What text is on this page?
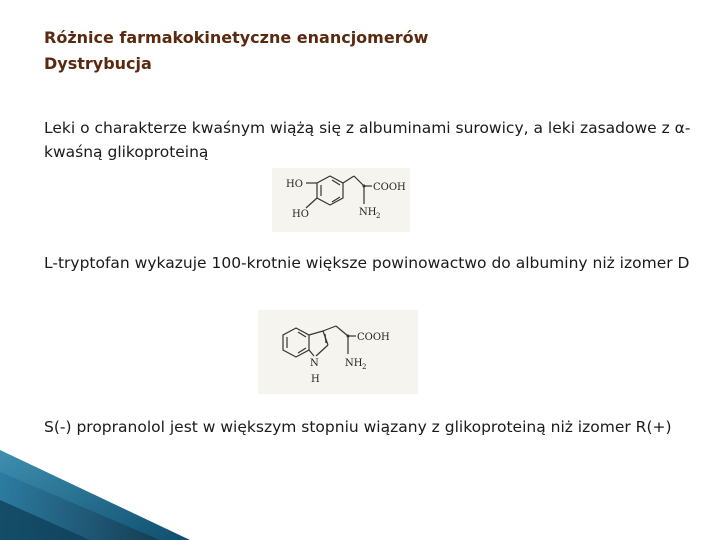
Różnice farmakokinetyczne enancjomerów
Dystrybucja
Leki o charakterze kwaśnym wiążą się z albuminami surowicy, a leki zasadowe z α-kwaśną glikoproteiną
HO
HO
COOH
NH 2
L-tryptofan wykazuje 100-krotnie większe powinowactwo do albuminy niż izomer D
COOH
NH 2
N
H
S(-) propranolol jest w większym stopniu wiązany z glikoproteiną niż izomer R(+)
